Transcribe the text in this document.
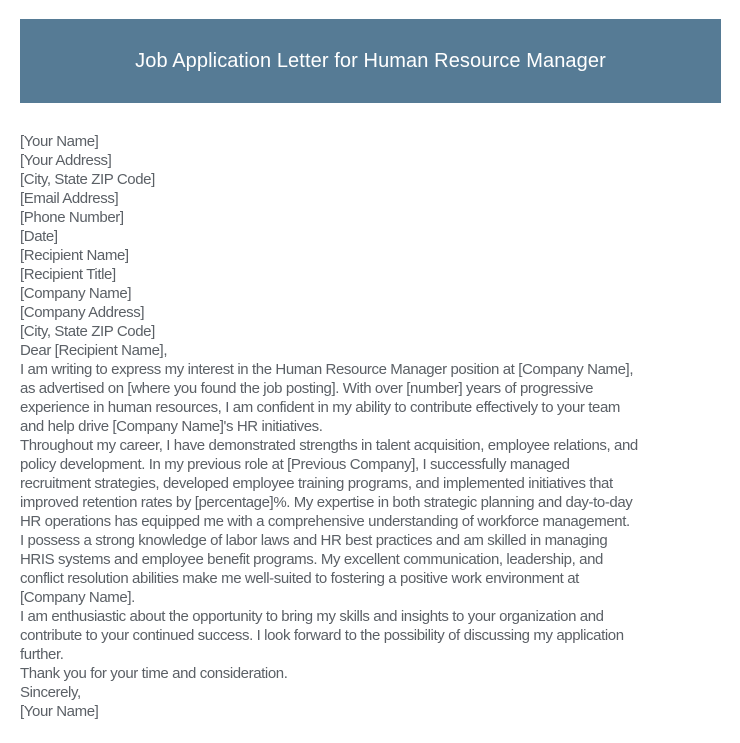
Job Application Letter for Human Resource Manager
[Your Name]
[Your Address]
[City, State ZIP Code]
[Email Address]
[Phone Number]
[Date]
[Recipient Name]
[Recipient Title]
[Company Name]
[Company Address]
[City, State ZIP Code]
Dear [Recipient Name],
I am writing to express my interest in the Human Resource Manager position at [Company Name],
as advertised on [where you found the job posting]. With over [number] years of progressive
experience in human resources, I am confident in my ability to contribute effectively to your team
and help drive [Company Name]'s HR initiatives.
Throughout my career, I have demonstrated strengths in talent acquisition, employee relations, and
policy development. In my previous role at [Previous Company], I successfully managed
recruitment strategies, developed employee training programs, and implemented initiatives that
improved retention rates by [percentage]%. My expertise in both strategic planning and day-to-day
HR operations has equipped me with a comprehensive understanding of workforce management.
I possess a strong knowledge of labor laws and HR best practices and am skilled in managing
HRIS systems and employee benefit programs. My excellent communication, leadership, and
conflict resolution abilities make me well-suited to fostering a positive work environment at
[Company Name].
I am enthusiastic about the opportunity to bring my skills and insights to your organization and
contribute to your continued success. I look forward to the possibility of discussing my application
further.
Thank you for your time and consideration.
Sincerely,
[Your Name]
